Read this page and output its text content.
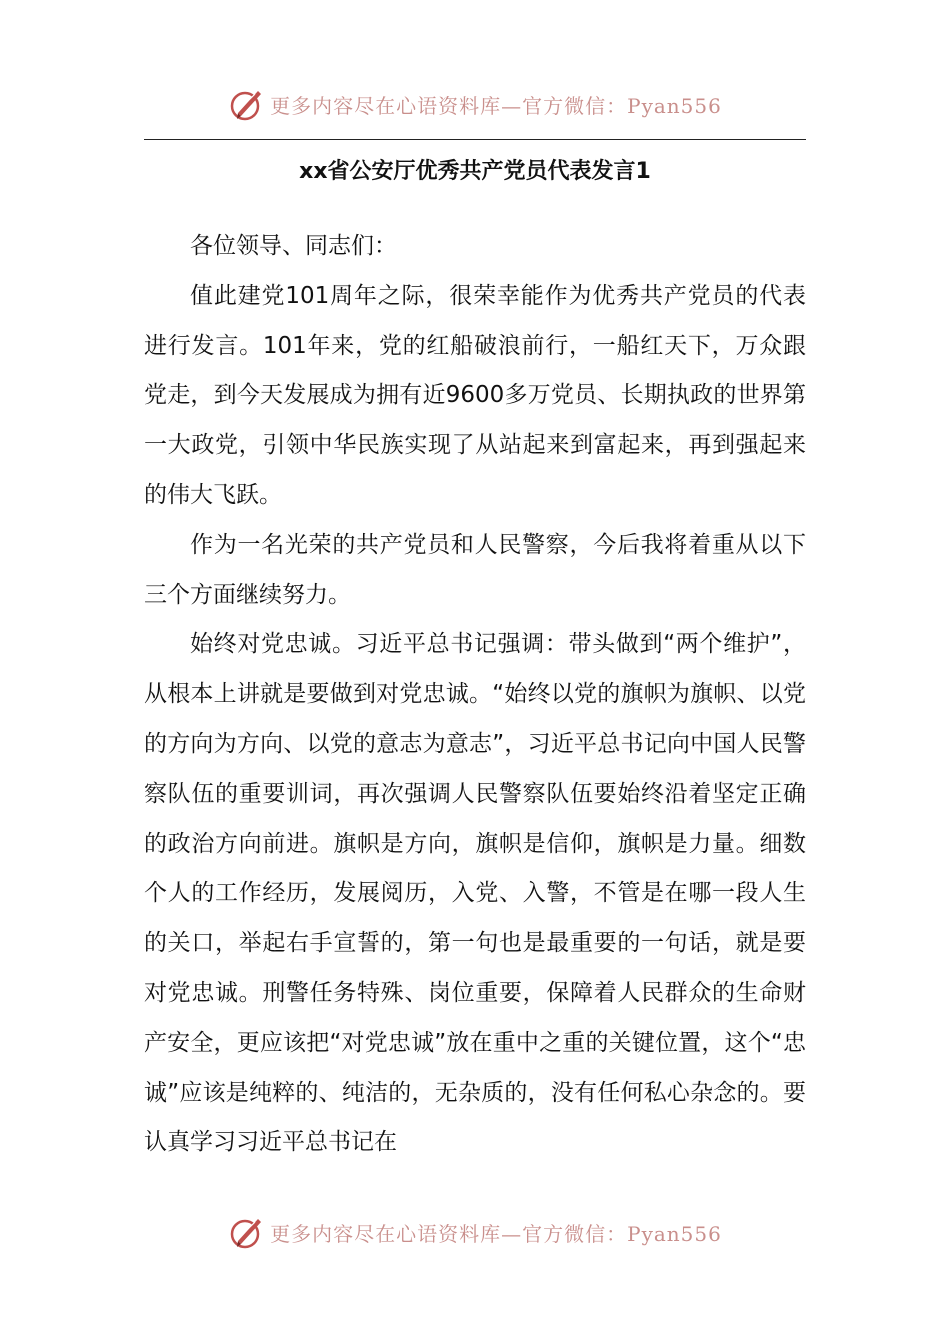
更多内容尽在心语资料库—官方微信：Pyan556
xx省公安厅优秀共产党员代表发言1

各位领导、同志们：

值此建党101周年之际，很荣幸能作为优秀共产党员的代表进行发言。101年来，党的红船破浪前行，一船红天下，万众跟党走，到今天发展成为拥有近9600多万党员、长期执政的世界第一大政党，引领中华民族实现了从站起来到富起来，再到强起来的伟大飞跃。

作为一名光荣的共产党员和人民警察，今后我将着重从以下三个方面继续努力。

始终对党忠诚。习近平总书记强调：带头做到“两个维护”，从根本上讲就是要做到对党忠诚。“始终以党的旗帜为旗帜、以党的方向为方向、以党的意志为意志”，习近平总书记向中国人民警察队伍的重要训词，再次强调人民警察队伍要始终沿着坚定正确的政治方向前进。旗帜是方向，旗帜是信仰，旗帜是力量。细数个人的工作经历，发展阅历，入党、入警，不管是在哪一段人生的关口，举起右手宣誓的，第一句也是最重要的一句话，就是要对党忠诚。刑警任务特殊、岗位重要，保障着人民群众的生命财产安全，更应该把“对党忠诚”放在重中之重的关键位置，这个“忠诚”应该是纯粹的、纯洁的，无杂质的，没有任何私心杂念的。要认真学习习近平总书记在

更多内容尽在心语资料库—官方微信：Pyan556
